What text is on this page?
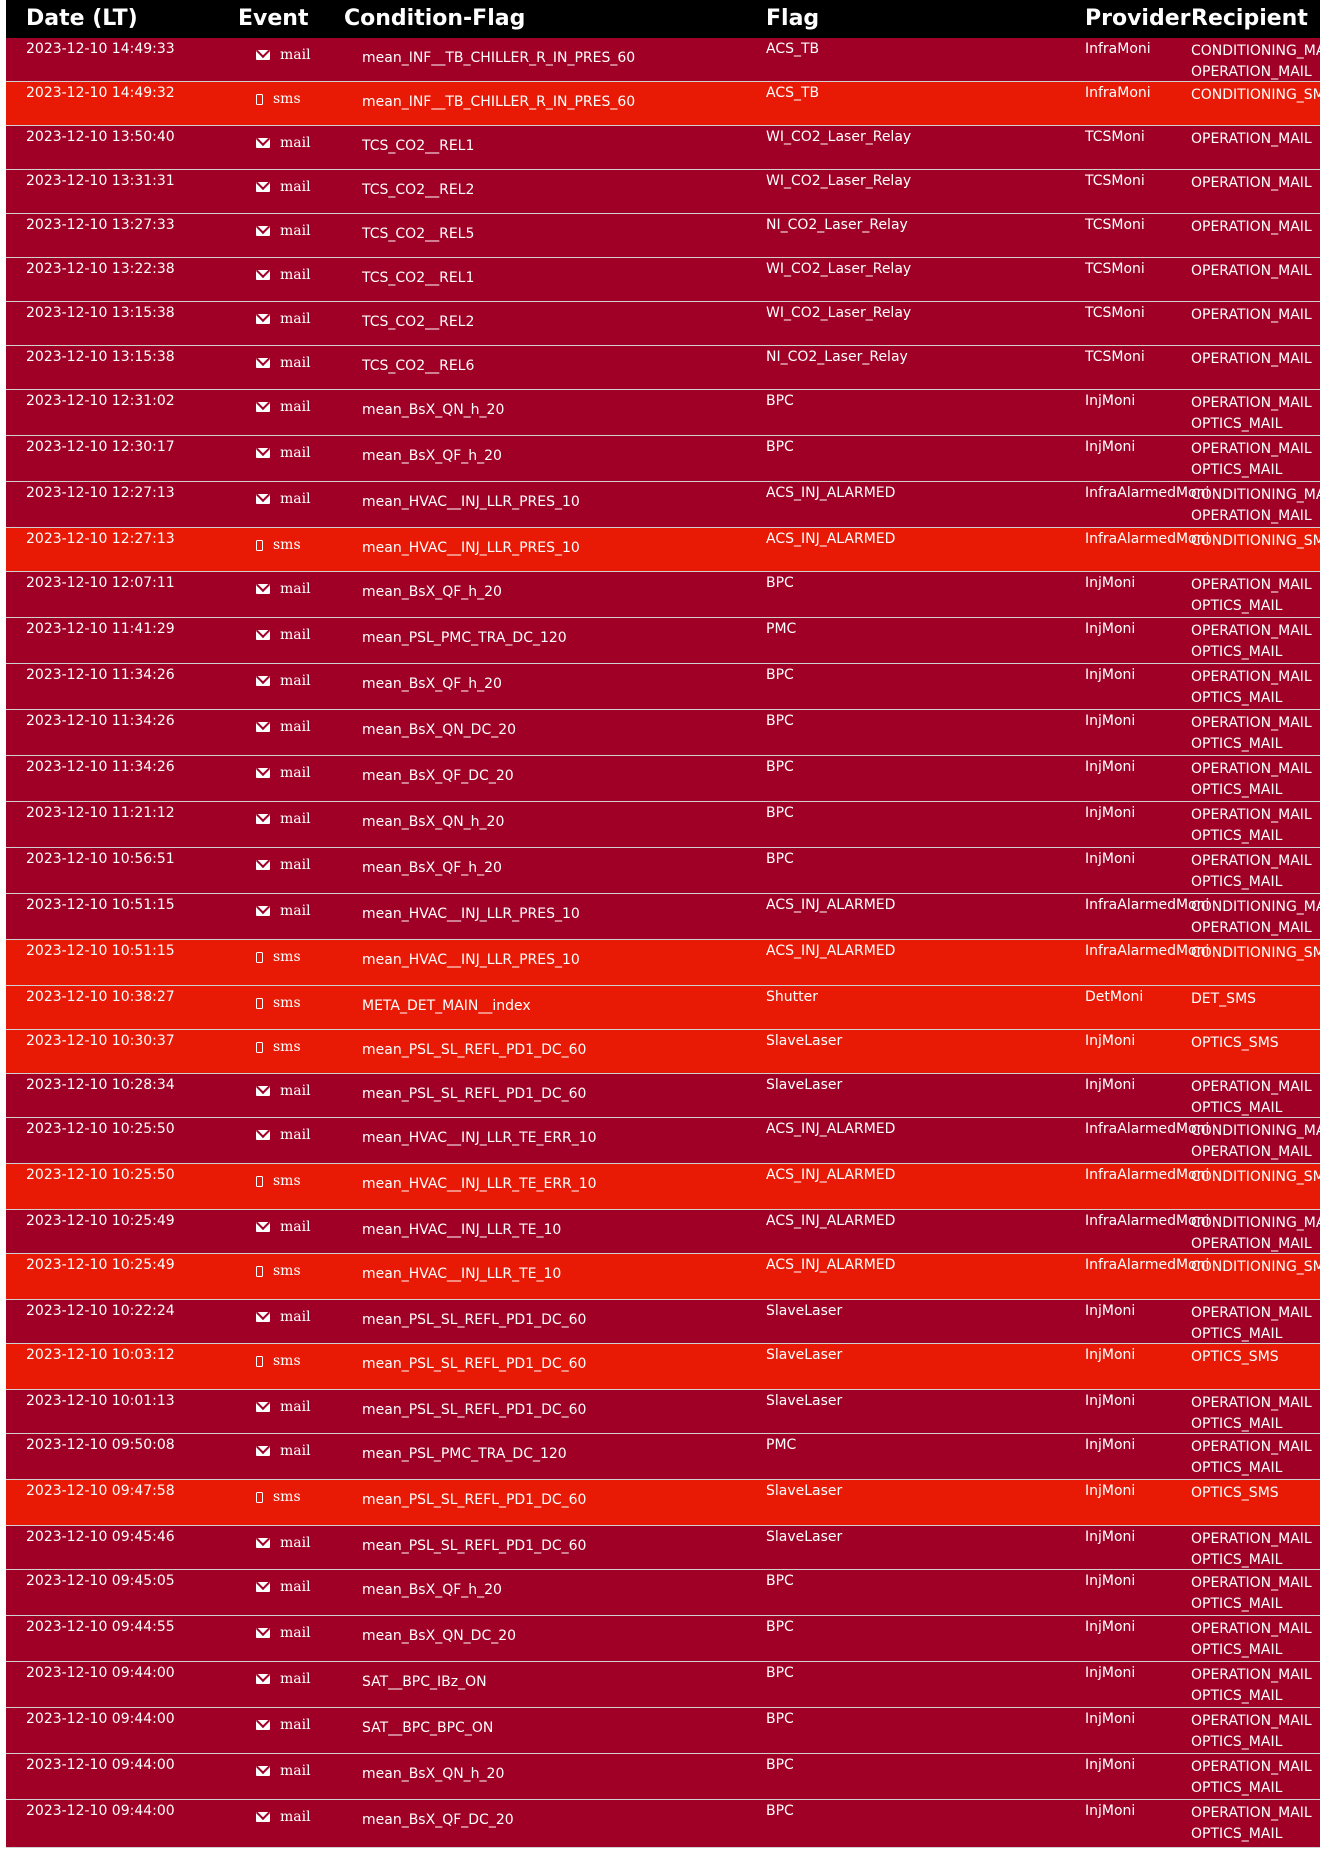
Date (LT)	Event Condition-Flag	Flag	Provider Recipient
2023-12-10 14:49:33	mail	mean_INF__TB_CHILLER_R_IN_PRES_60
ACS_TB	InfraMoni	CONDITIONING_MAIL
OPERATION_MAIL
2023-12-10 14:49:32	sms	mean_INF__TB_CHILLER_R_IN_PRES_60
ACS_TB	InfraMoni	CONDITIONING_SMS
2023-12-10 13:50:40	mail	TCS_CO2__REL1
WI_CO2_Laser_Relay	TCSMoni	OPERATION_MAIL
2023-12-10 13:31:31	mail	TCS_CO2__REL2
WI_CO2_Laser_Relay	TCSMoni	OPERATION_MAIL
2023-12-10 13:27:33	mail	TCS_CO2__REL5
NI_CO2_Laser_Relay	TCSMoni	OPERATION_MAIL
2023-12-10 13:22:38	mail	TCS_CO2__REL1
WI_CO2_Laser_Relay	TCSMoni	OPERATION_MAIL
2023-12-10 13:15:38	mail	TCS_CO2__REL2
WI_CO2_Laser_Relay	TCSMoni	OPERATION_MAIL
2023-12-10 13:15:38	mail	TCS_CO2__REL6
NI_CO2_Laser_Relay	TCSMoni	OPERATION_MAIL
2023-12-10 12:31:02	mail	mean_BsX_QN_h_20
BPC	InjMoni	OPERATION_MAIL
OPTICS_MAIL
2023-12-10 12:30:17	mail	mean_BsX_QF_h_20
BPC	InjMoni	OPERATION_MAIL
OPTICS_MAIL
2023-12-10 12:27:13	mail	mean_HVAC__INJ_LLR_PRES_10
ACS_INJ_ALARMED	InfraAlarmedMoni
CONDITIONING_MAIL
OPERATION_MAIL
2023-12-10 12:27:13	sms	mean_HVAC__INJ_LLR_PRES_10
ACS_INJ_ALARMED	InfraAlarmedMoni
CONDITIONING_SMS
2023-12-10 12:07:11	mail	mean_BsX_QF_h_20
BPC	InjMoni	OPERATION_MAIL
OPTICS_MAIL
2023-12-10 11:41:29	mail	mean_PSL_PMC_TRA_DC_120
PMC	InjMoni	OPERATION_MAIL
OPTICS_MAIL
2023-12-10 11:34:26	mail	mean_BsX_QF_h_20
BPC	InjMoni	OPERATION_MAIL
OPTICS_MAIL
2023-12-10 11:34:26	mail	mean_BsX_QN_DC_20
BPC	InjMoni	OPERATION_MAIL
OPTICS_MAIL
2023-12-10 11:34:26	mail	mean_BsX_QF_DC_20
BPC	InjMoni	OPERATION_MAIL
OPTICS_MAIL
2023-12-10 11:21:12	mail	mean_BsX_QN_h_20
BPC	InjMoni	OPERATION_MAIL
OPTICS_MAIL
2023-12-10 10:56:51	mail	mean_BsX_QF_h_20
BPC	InjMoni	OPERATION_MAIL
OPTICS_MAIL
2023-12-10 10:51:15	mail	mean_HVAC__INJ_LLR_PRES_10
ACS_INJ_ALARMED	InfraAlarmedMoni
CONDITIONING_MAIL
OPERATION_MAIL
2023-12-10 10:51:15	sms	mean_HVAC__INJ_LLR_PRES_10
ACS_INJ_ALARMED	InfraAlarmedMoni
CONDITIONING_SMS
2023-12-10 10:38:27	sms	META_DET_MAIN__index
Shutter	DetMoni	DET_SMS
2023-12-10 10:30:37	sms	mean_PSL_SL_REFL_PD1_DC_60
SlaveLaser	InjMoni	OPTICS_SMS
2023-12-10 10:28:34	mail	mean_PSL_SL_REFL_PD1_DC_60
SlaveLaser	InjMoni	OPERATION_MAIL
OPTICS_MAIL
2023-12-10 10:25:50	mail	mean_HVAC__INJ_LLR_TE_ERR_10
ACS_INJ_ALARMED	InfraAlarmedMoni
CONDITIONING_MAIL
OPERATION_MAIL
2023-12-10 10:25:50	sms	mean_HVAC__INJ_LLR_TE_ERR_10
ACS_INJ_ALARMED	InfraAlarmedMoni
CONDITIONING_SMS
2023-12-10 10:25:49	mail	mean_HVAC__INJ_LLR_TE_10
ACS_INJ_ALARMED	InfraAlarmedMoni
CONDITIONING_MAIL
OPERATION_MAIL
2023-12-10 10:25:49	sms	mean_HVAC__INJ_LLR_TE_10
ACS_INJ_ALARMED	InfraAlarmedMoni
CONDITIONING_SMS
2023-12-10 10:22:24	mail	mean_PSL_SL_REFL_PD1_DC_60
SlaveLaser	InjMoni	OPERATION_MAIL
OPTICS_MAIL
2023-12-10 10:03:12	sms	mean_PSL_SL_REFL_PD1_DC_60
SlaveLaser	InjMoni	OPTICS_SMS
2023-12-10 10:01:13	mail	mean_PSL_SL_REFL_PD1_DC_60
SlaveLaser	InjMoni	OPERATION_MAIL
OPTICS_MAIL
2023-12-10 09:50:08	mail	mean_PSL_PMC_TRA_DC_120
PMC	InjMoni	OPERATION_MAIL
OPTICS_MAIL
2023-12-10 09:47:58	sms	mean_PSL_SL_REFL_PD1_DC_60
SlaveLaser	InjMoni	OPTICS_SMS
2023-12-10 09:45:46	mail	mean_PSL_SL_REFL_PD1_DC_60
SlaveLaser	InjMoni	OPERATION_MAIL
OPTICS_MAIL
2023-12-10 09:45:05	mail	mean_BsX_QF_h_20
BPC	InjMoni	OPERATION_MAIL
OPTICS_MAIL
2023-12-10 09:44:55	mail	mean_BsX_QN_DC_20
BPC	InjMoni	OPERATION_MAIL
OPTICS_MAIL
2023-12-10 09:44:00	mail	SAT__BPC_IBz_ON
BPC	InjMoni	OPERATION_MAIL
OPTICS_MAIL
2023-12-10 09:44:00	mail	SAT__BPC_BPC_ON
BPC	InjMoni	OPERATION_MAIL
OPTICS_MAIL
2023-12-10 09:44:00	mail	mean_BsX_QN_h_20
BPC	InjMoni	OPERATION_MAIL
OPTICS_MAIL
2023-12-10 09:44:00	mail	mean_BsX_QF_DC_20
BPC	InjMoni	OPERATION_MAIL
OPTICS_MAIL
